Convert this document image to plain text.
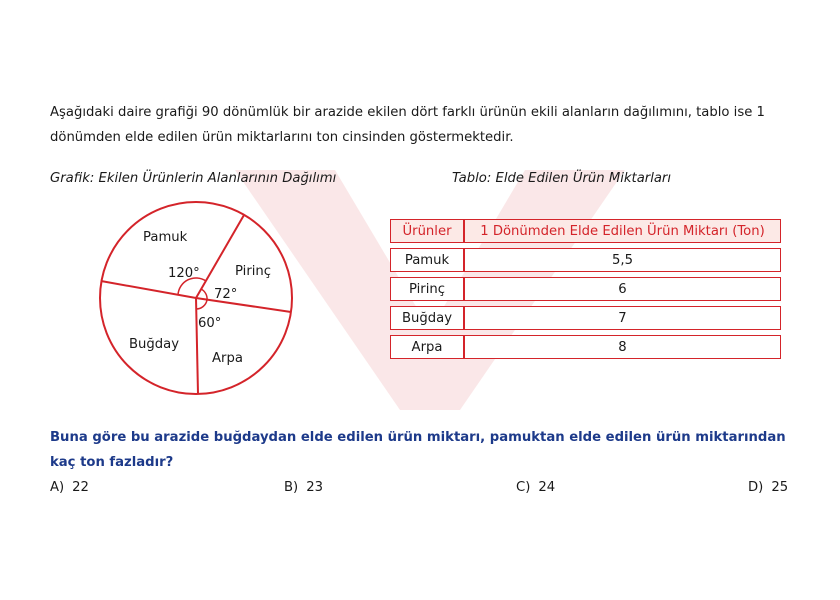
Aşağıdaki daire grafiği 90 dönümlük bir arazide ekilen dört farklı ürünün ekili alanların dağılımını, tablo ise 1 dönümden elde edilen ürün miktarlarını ton cinsinden göstermektedir.
Grafik: Ekilen Ürünlerin Alanlarının Dağılımı	Tablo: Elde Edilen Ürün Miktarları
Pamuk
Pirinç
Arpa
Buğday
120°
72°
60°
Ürünler	1 Dönümden Elde Edilen Ürün Miktarı (Ton)
Pamuk	5,5
Pirinç	6
Buğday	7
Arpa	8
Buna göre bu arazide buğdaydan elde edilen ürün miktarı, pamuktan elde edilen ürün miktarından kaç ton fazladır?
A) 22	B) 23	C) 24	D) 25
